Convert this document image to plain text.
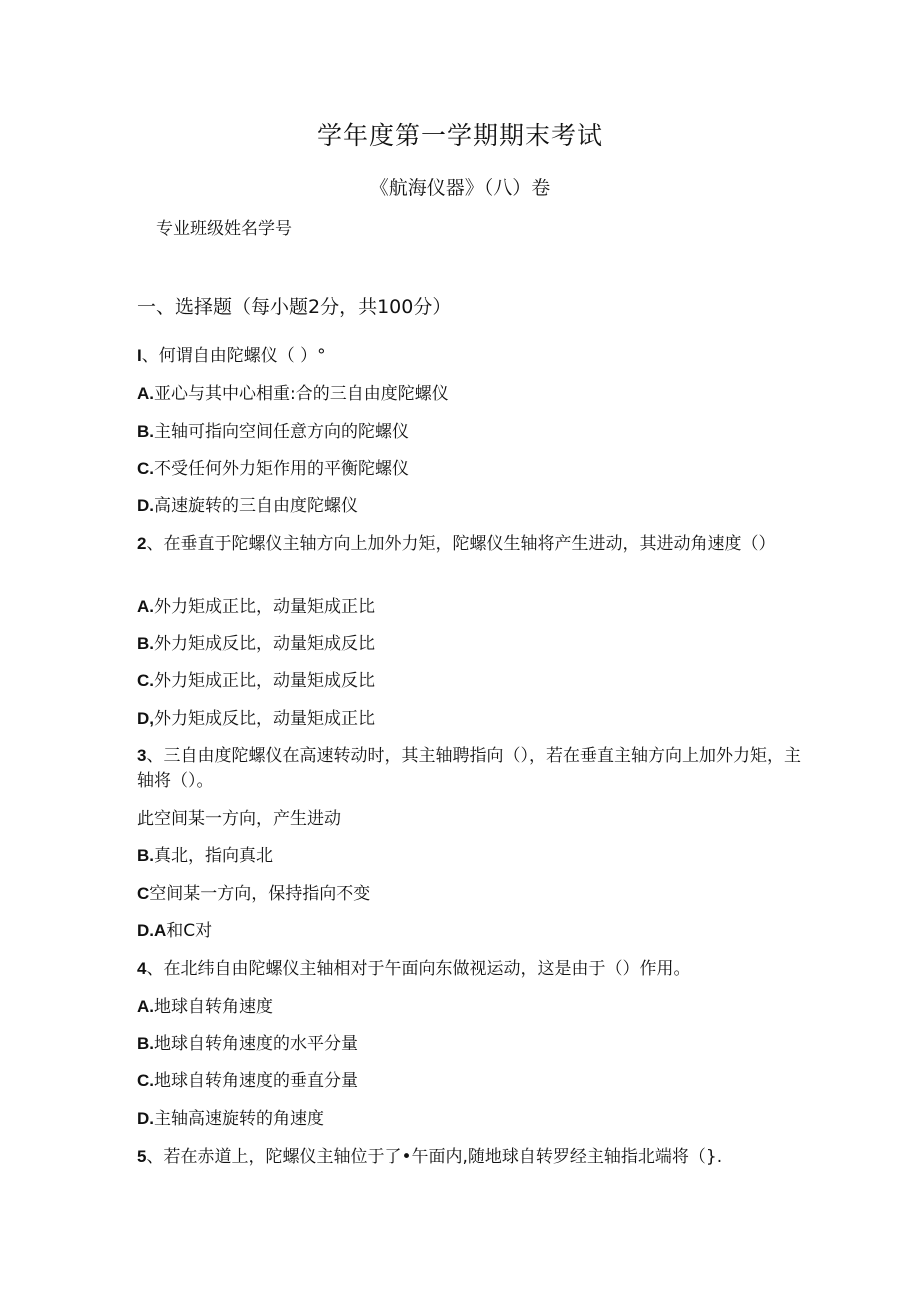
学年度第一学期期末考试
《航海仪器》（八）卷
专业班级姓名学号
一、选择题（每小题2分，共100分）
I、何谓自由陀螺仪（ ）°
A.亚心与其中心相重:合的三自由度陀螺仪
B.主轴可指向空间任意方向的陀螺仪
C.不受任何外力矩作用的平衡陀螺仪
D.高速旋转的三自由度陀螺仪
2、在垂直于陀螺仪主轴方向上加外力矩，陀螺仪生轴将产生进动，其进动角速度（）
A.外力矩成正比，动量矩成正比
B.外力矩成反比，动量矩成反比
C.外力矩成正比，动量矩成反比
D,外力矩成反比，动量矩成正比
3、三自由度陀螺仪在高速转动时，其主轴聘指向（），若在垂直主轴方向上加外力矩，主轴将（）。
此空间某一方向，产生进动
B.真北，指向真北
C空间某一方向，保持指向不变
D.A和C对
4、在北纬自由陀螺仪主轴相对于午面向东做视运动，这是由于（）作用。
A.地球自转角速度
B.地球自转角速度的水平分量
C.地球自转角速度的垂直分量
D.主轴高速旋转的角速度
5、若在赤道上，陀螺仪主轴位于了•午面内,随地球自转罗经主轴指北端将（}.
